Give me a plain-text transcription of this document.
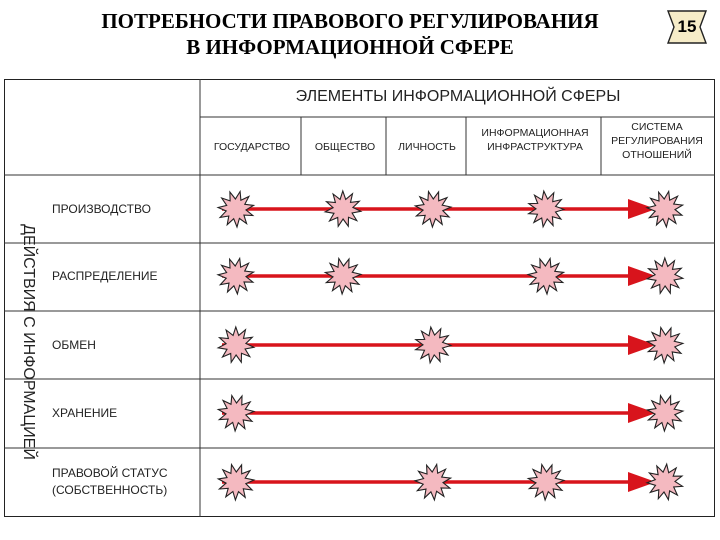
ПОТРЕБНОСТИ ПРАВОВОГО РЕГУЛИРОВАНИЯ
В ИНФОРМАЦИОННОЙ СФЕРЕ
15
ЭЛЕМЕНТЫ ИНФОРМАЦИОННОЙ СФЕРЫ
ГОСУДАРСТВО	ОБЩЕСТВО	ЛИЧНОСТЬ
ИНФОРМАЦИОННАЯ
ИНФРАСТРУКТУРА
СИСТЕМА
РЕГУЛИРОВАНИЯ
ОТНОШЕНИЙ
ПРОИЗВОДСТВО
РАСПРЕДЕЛЕНИЕ
ОБМЕН
ХРАНЕНИЕ
ПРАВОВОЙ СТАТУС
(СОБСТВЕННОСТЬ)
ДЕЙСТВИЯ С ИНФОРМАЦИЕЙ
